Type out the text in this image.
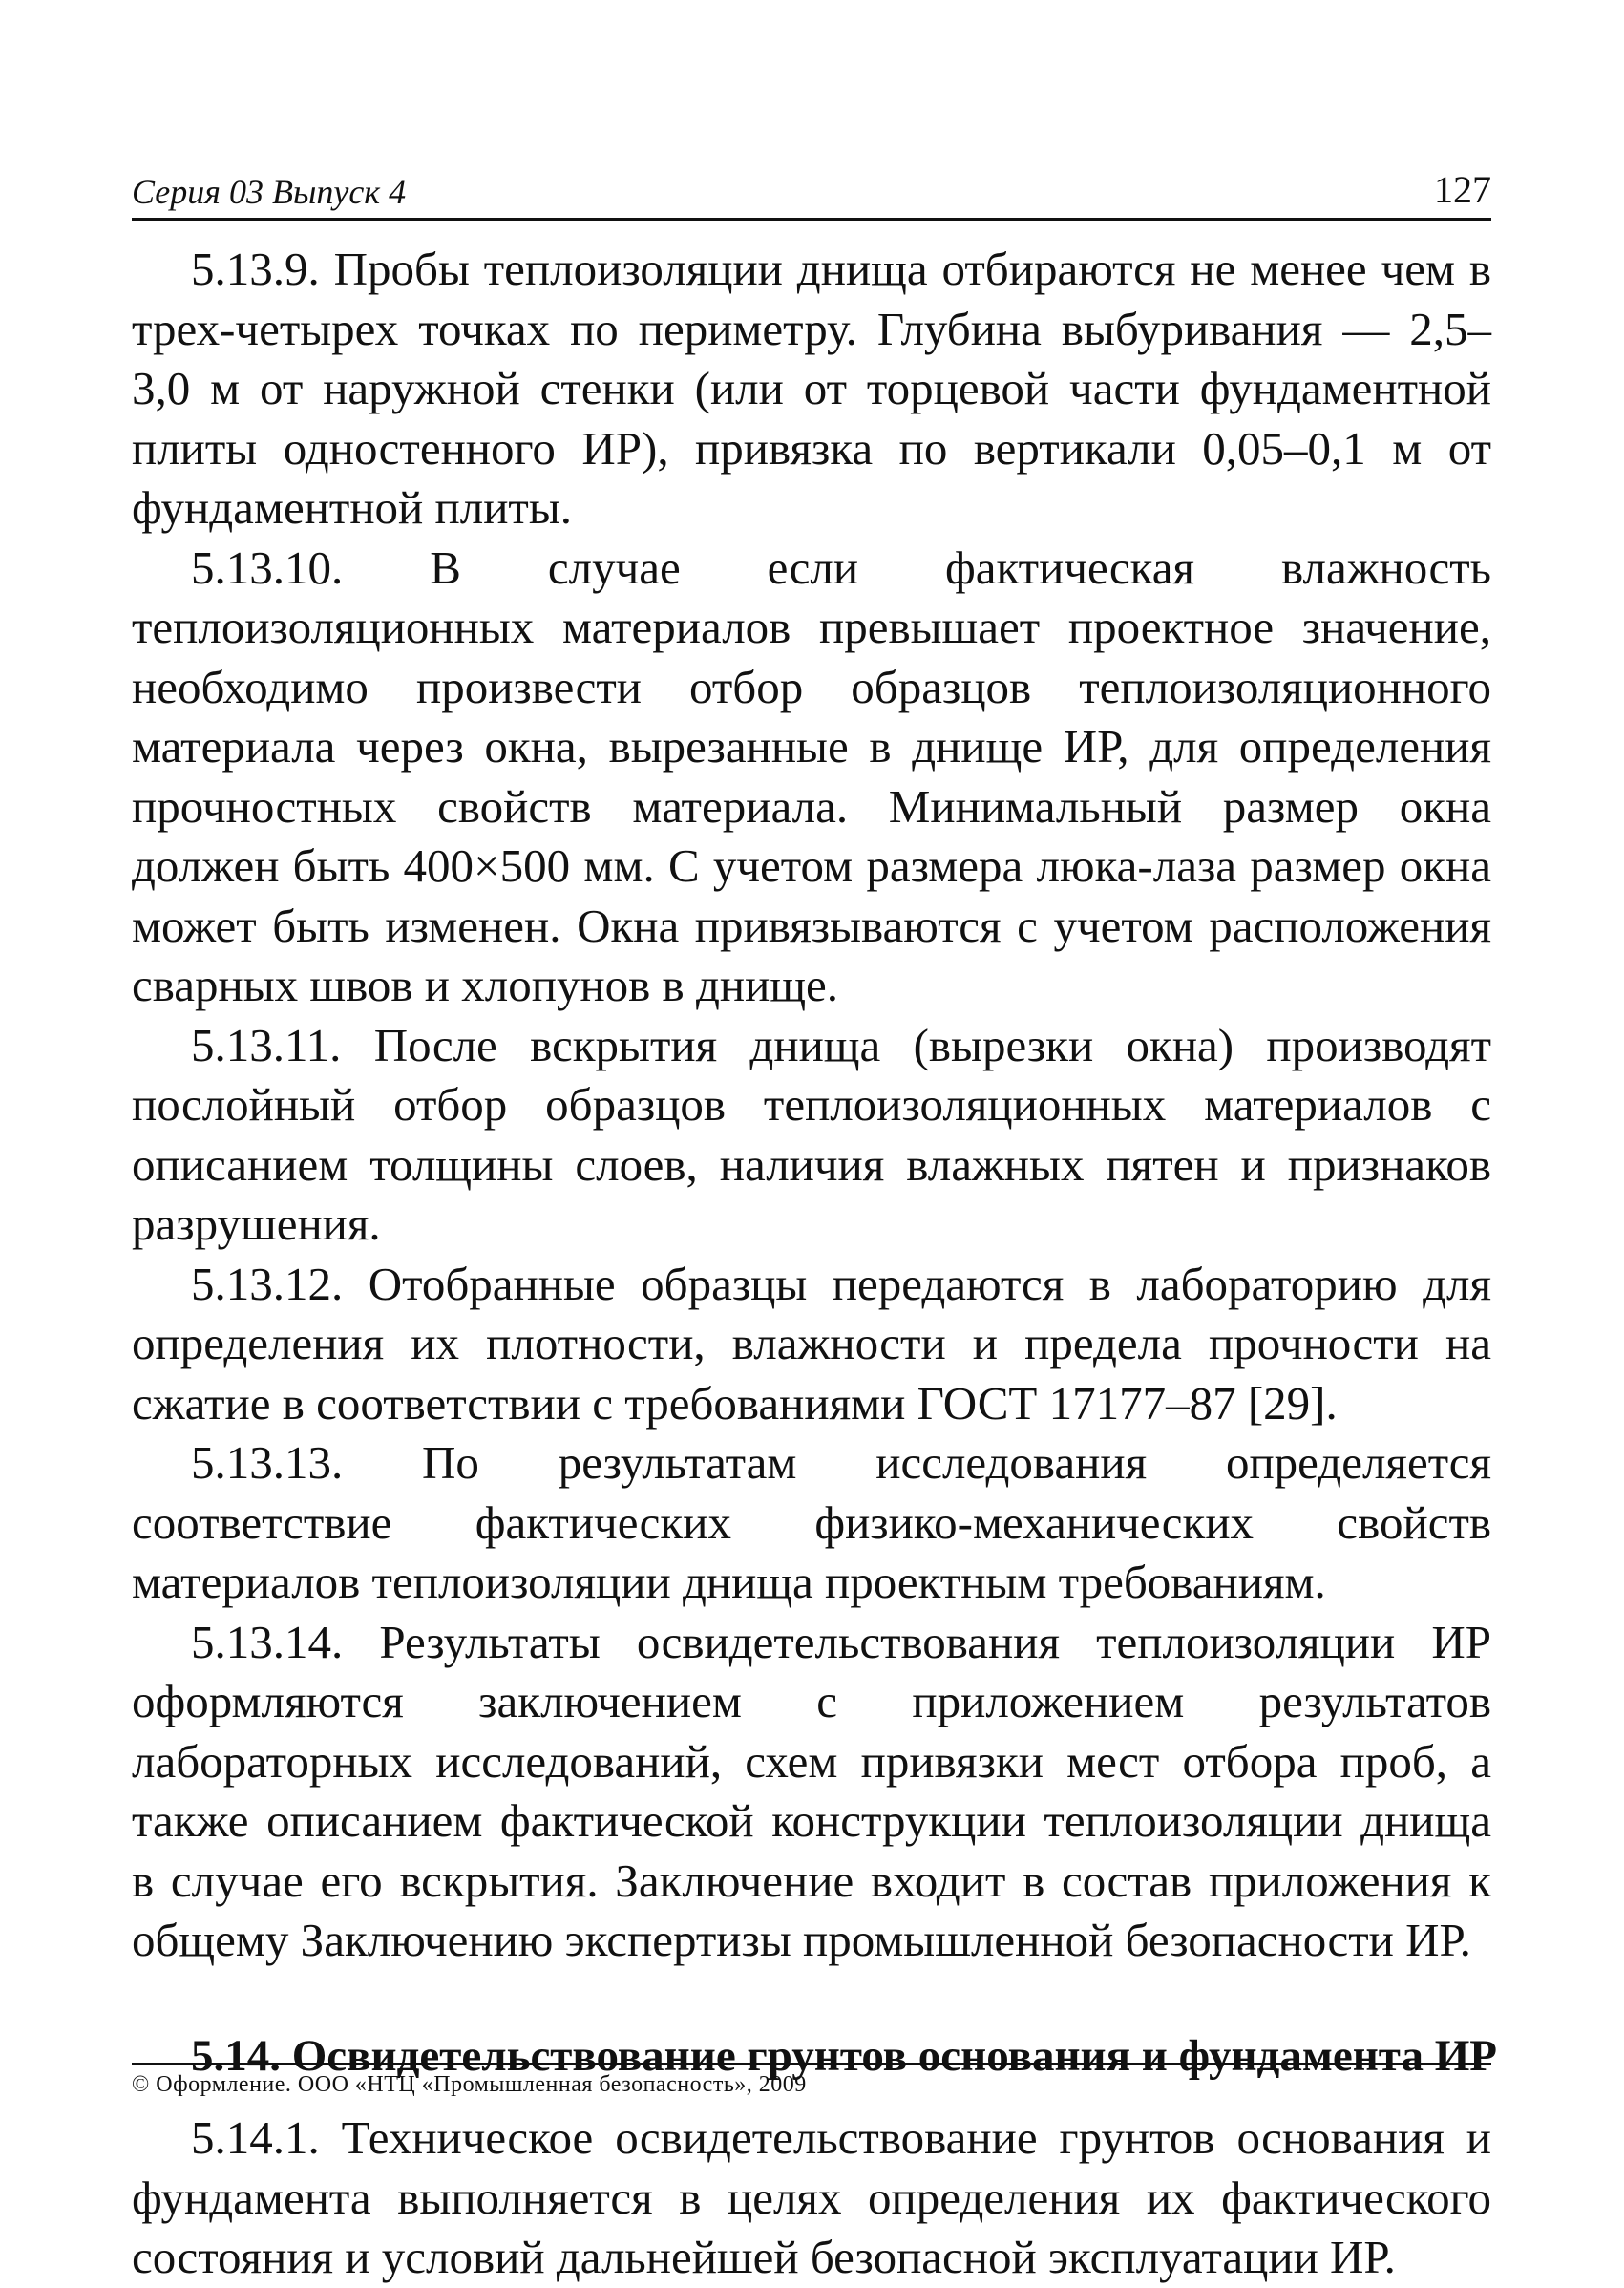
Серия 03 Выпуск 4	127

5.13.9. Пробы теплоизоляции днища отбираются не менее чем в трех-четырех точках по периметру. Глубина выбуривания — 2,5–3,0 м от наружной стенки (или от торцевой части фундаментной плиты одностенного ИР), привязка по вертикали 0,05–0,1 м от фундаментной плиты.

5.13.10. В случае если фактическая влажность теплоизоляционных материалов превышает проектное значение, необходимо произвести отбор образцов теплоизоляционного материала через окна, вырезанные в днище ИР, для определения прочностных свойств материала. Минимальный размер окна должен быть 400×500 мм. С учетом размера люка-лаза размер окна может быть изменен. Окна привязываются с учетом расположения сварных швов и хлопунов в днище.

5.13.11. После вскрытия днища (вырезки окна) производят послойный отбор образцов теплоизоляционных материалов с описанием толщины слоев, наличия влажных пятен и признаков разрушения.

5.13.12. Отобранные образцы передаются в лабораторию для определения их плотности, влажности и предела прочности на сжатие в соответствии с требованиями ГОСТ 17177–87 [29].

5.13.13. По результатам исследования определяется соответствие фактических физико-механических свойств материалов теплоизоляции днища проектным требованиям.

5.13.14. Результаты освидетельствования теплоизоляции ИР оформляются заключением с приложением результатов лабораторных исследований, схем привязки мест отбора проб, а также описанием фактической конструкции теплоизоляции днища в случае его вскрытия. Заключение входит в состав приложения к общему Заключению экспертизы промышленной безопасности ИР.

5.14. Освидетельствование грунтов основания и фундамента ИР

5.14.1. Техническое освидетельствование грунтов основания и фундамента выполняется в целях определения их фактического состояния и условий дальнейшей безопасной эксплуатации ИР.

© Оформление. ООО «НТЦ «Промышленная безопасность», 2009
